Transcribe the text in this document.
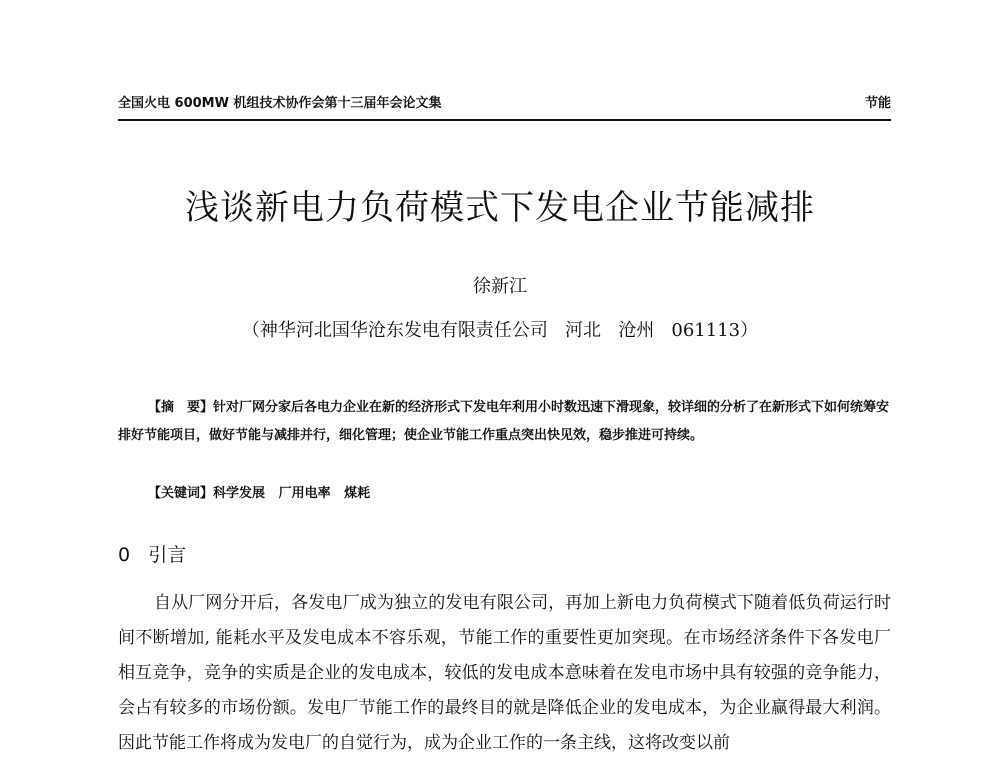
全国火电 600MW 机组技术协作会第十三届年会论文集	节能
浅谈新电力负荷模式下发电企业节能减排
徐新江
（神华河北国华沧东发电有限责任公司   河北   沧州   061113）
【摘　要】针对厂网分家后各电力企业在新的经济形式下发电年利用小时数迅速下滑现象，较详细的分析了在新形式下如何统筹安排好节能项目，做好节能与减排并行，细化管理；使企业节能工作重点突出快见效，稳步推进可持续。
【关键词】科学发展   厂用电率   煤耗
0   引言
自从厂网分开后，各发电厂成为独立的发电有限公司，再加上新电力负荷模式下随着低负荷运行时间不断增加, 能耗水平及发电成本不容乐观，节能工作的重要性更加突现。在市场经济条件下各发电厂相互竞争，竞争的实质是企业的发电成本，较低的发电成本意味着在发电市场中具有较强的竞争能力，会占有较多的市场份额。发电厂节能工作的最终目的就是降低企业的发电成本，为企业赢得最大利润。因此节能工作将成为发电厂的自觉行为，成为企业工作的一条主线，这将改变以前
